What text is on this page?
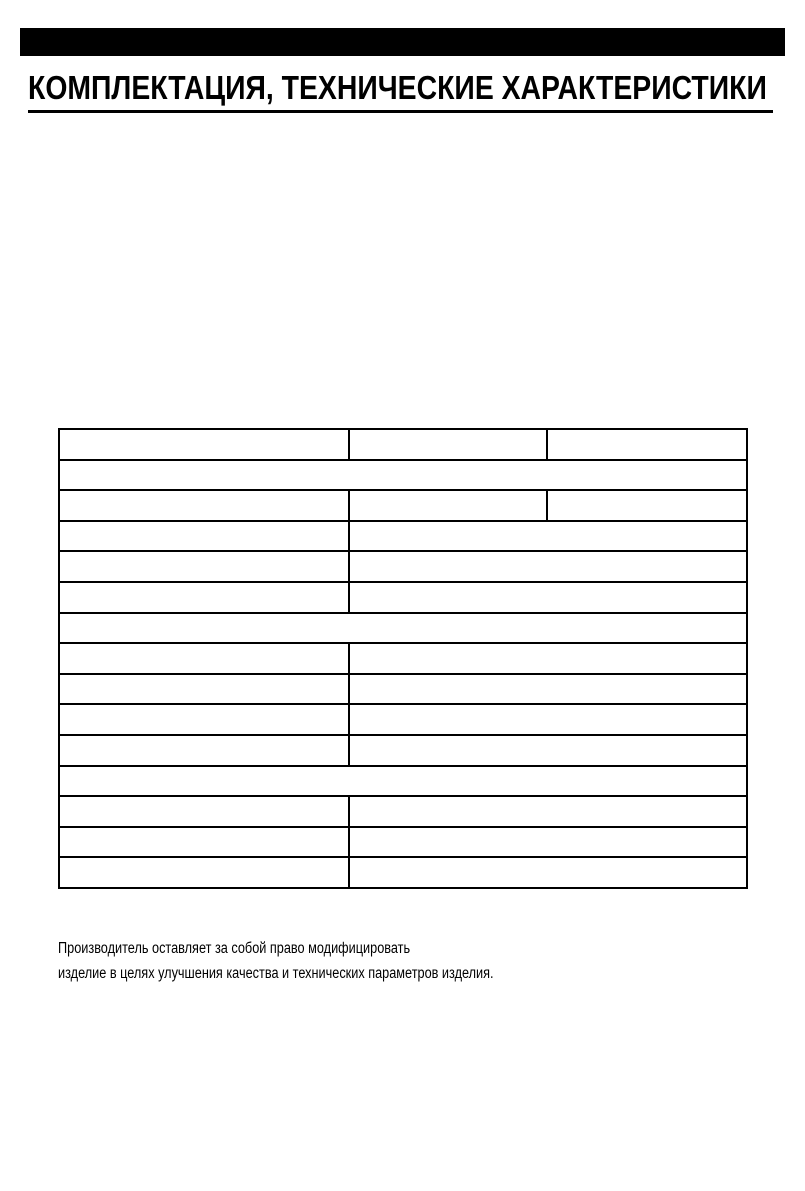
КОМПЛЕКТАЦИЯ, ТЕХНИЧЕСКИЕ ХАРАКТЕРИСТИКИ

Производитель оставляет за собой право модифицировать
изделие в целях улучшения качества и технических параметров изделия.
